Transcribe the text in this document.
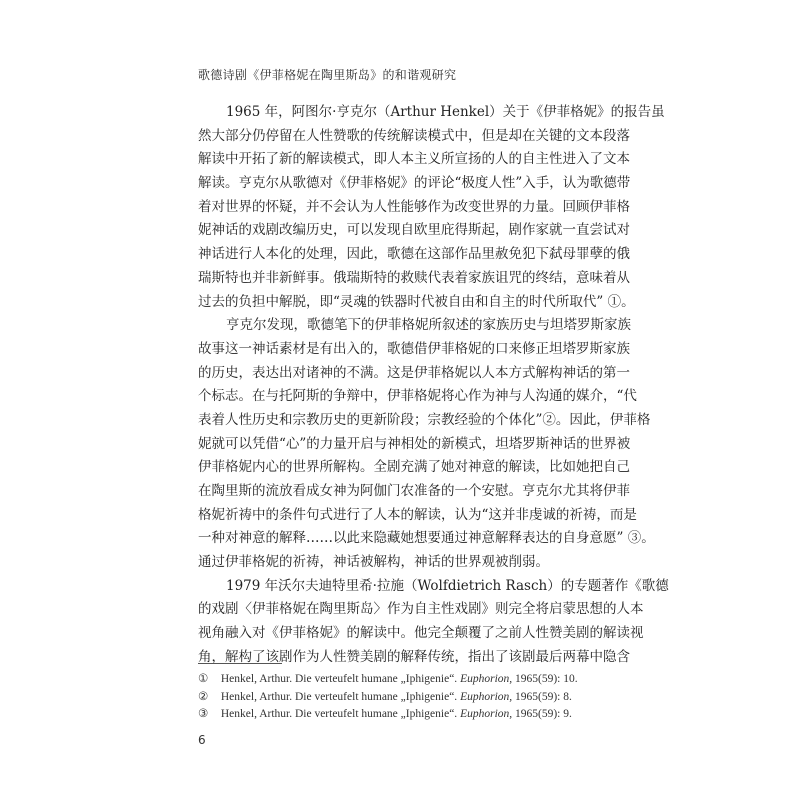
歌德诗剧《伊菲格妮在陶里斯岛》的和谐观研究
1965 年，阿图尔·亨克尔（Arthur Henkel）关于《伊菲格妮》的报告虽
然大部分仍停留在人性赞歌的传统解读模式中，但是却在关键的文本段落
解读中开拓了新的解读模式，即人本主义所宣扬的人的自主性进入了文本
解读。亨克尔从歌德对《伊菲格妮》的评论“极度人性”入手，认为歌德带
着对世界的怀疑，并不会认为人性能够作为改变世界的力量。回顾伊菲格
妮神话的戏剧改编历史，可以发现自欧里庇得斯起，剧作家就一直尝试对
神话进行人本化的处理，因此，歌德在这部作品里赦免犯下弑母罪孽的俄
瑞斯特也并非新鲜事。俄瑞斯特的救赎代表着家族诅咒的终结，意味着从
过去的负担中解脱，即“灵魂的铁器时代被自由和自主的时代所取代” ①。
亨克尔发现，歌德笔下的伊菲格妮所叙述的家族历史与坦塔罗斯家族
故事这一神话素材是有出入的，歌德借伊菲格妮的口来修正坦塔罗斯家族
的历史，表达出对诸神的不满。这是伊菲格妮以人本方式解构神话的第一
个标志。在与托阿斯的争辩中，伊菲格妮将心作为神与人沟通的媒介，“代
表着人性历史和宗教历史的更新阶段；宗教经验的个体化”②。因此，伊菲格
妮就可以凭借“心”的力量开启与神相处的新模式，坦塔罗斯神话的世界被
伊菲格妮内心的世界所解构。全剧充满了她对神意的解读，比如她把自己
在陶里斯的流放看成女神为阿伽门农准备的一个安慰。亨克尔尤其将伊菲
格妮祈祷中的条件句式进行了人本的解读，认为“这并非虔诚的祈祷，而是
一种对神意的解释……以此来隐藏她想要通过神意解释表达的自身意愿” ③。
通过伊菲格妮的祈祷，神话被解构，神话的世界观被削弱。
1979 年沃尔夫迪特里希·拉施（Wolfdietrich Rasch）的专题著作《歌德
的戏剧〈伊菲格妮在陶里斯岛〉作为自主性戏剧》则完全将启蒙思想的人本
视角融入对《伊菲格妮》的解读中。他完全颠覆了之前人性赞美剧的解读视
角，解构了该剧作为人性赞美剧的解释传统，指出了该剧最后两幕中隐含
① Henkel, Arthur. Die verteufelt humane „Iphigenie“. Euphorion, 1965(59): 10.
② Henkel, Arthur. Die verteufelt humane „Iphigenie“. Euphorion, 1965(59): 8.
③ Henkel, Arthur. Die verteufelt humane „Iphigenie“. Euphorion, 1965(59): 9.
6
